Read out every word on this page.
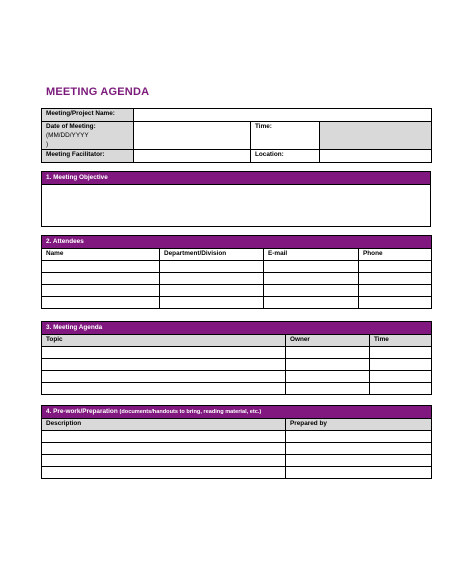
MEETING AGENDA
Meeting/Project Name:			

Date of Meeting:
(MM/DD/YYYY
)		Time:	
Meeting Facilitator:		Location:	
1. Meeting Objective

2. Attendees			
Name	Department/Division	E-mail	Phone

3. Meeting Agenda		
Topic	Owner	Time

4. Pre-work/Preparation (documents/handouts to bring, reading material, etc.)	
Description	Prepared by
